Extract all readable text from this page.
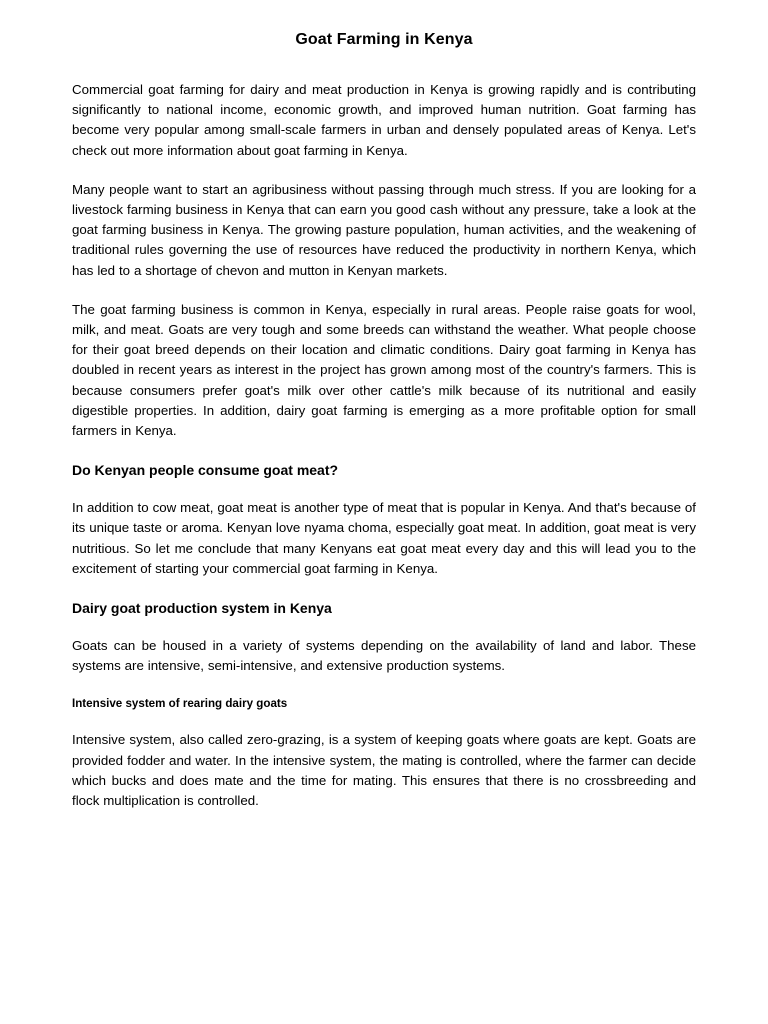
Goat Farming in Kenya

Commercial goat farming for dairy and meat production in Kenya is growing rapidly and is contributing significantly to national income, economic growth, and improved human nutrition. Goat farming has become very popular among small-scale farmers in urban and densely populated areas of Kenya. Let's check out more information about goat farming in Kenya.

Many people want to start an agribusiness without passing through much stress. If you are looking for a livestock farming business in Kenya that can earn you good cash without any pressure, take a look at the goat farming business in Kenya. The growing pasture population, human activities, and the weakening of traditional rules governing the use of resources have reduced the productivity in northern Kenya, which has led to a shortage of chevon and mutton in Kenyan markets.

The goat farming business is common in Kenya, especially in rural areas. People raise goats for wool, milk, and meat. Goats are very tough and some breeds can withstand the weather. What people choose for their goat breed depends on their location and climatic conditions. Dairy goat farming in Kenya has doubled in recent years as interest in the project has grown among most of the country's farmers. This is because consumers prefer goat's milk over other cattle's milk because of its nutritional and easily digestible properties. In addition, dairy goat farming is emerging as a more profitable option for small farmers in Kenya.

Do Kenyan people consume goat meat?

In addition to cow meat, goat meat is another type of meat that is popular in Kenya. And that's because of its unique taste or aroma. Kenyan love nyama choma, especially goat meat. In addition, goat meat is very nutritious. So let me conclude that many Kenyans eat goat meat every day and this will lead you to the excitement of starting your commercial goat farming in Kenya.

Dairy goat production system in Kenya

Goats can be housed in a variety of systems depending on the availability of land and labor. These systems are intensive, semi-intensive, and extensive production systems.

Intensive system of rearing dairy goats

Intensive system, also called zero-grazing, is a system of keeping goats where goats are kept. Goats are provided fodder and water. In the intensive system, the mating is controlled, where the farmer can decide which bucks and does mate and the time for mating. This ensures that there is no crossbreeding and flock multiplication is controlled.
